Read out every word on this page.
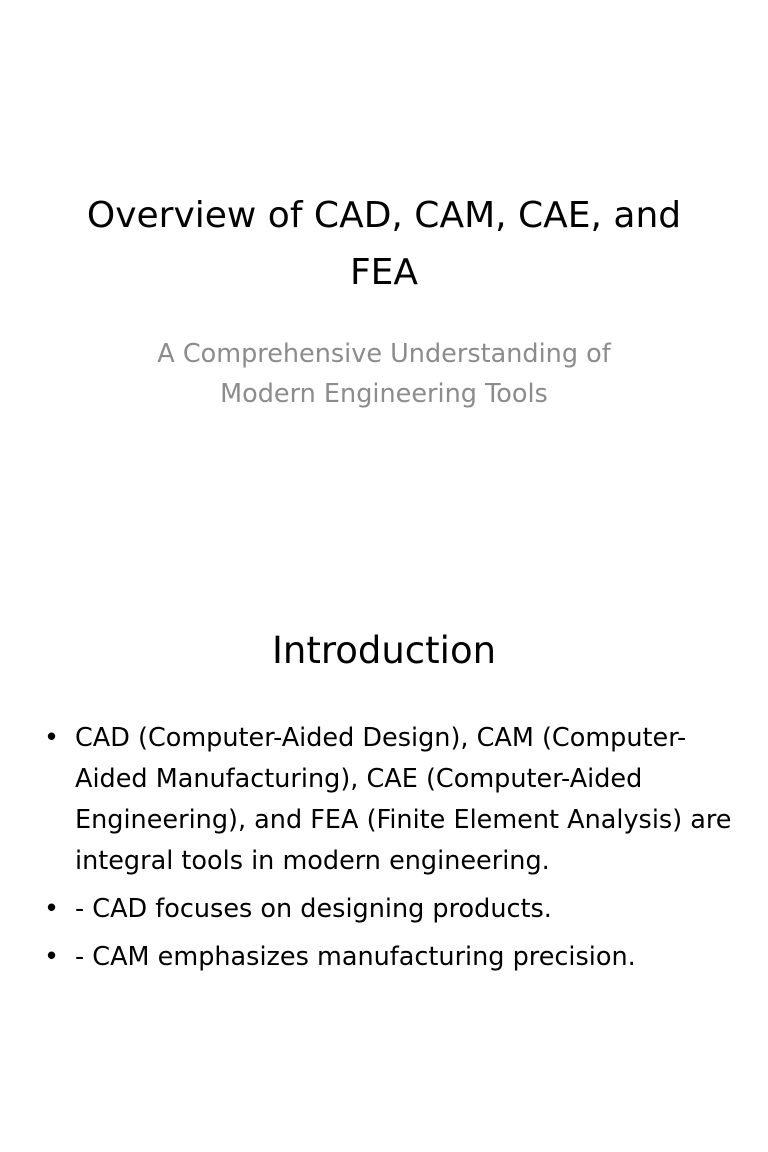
Overview of CAD, CAM, CAE, and FEA
A Comprehensive Understanding of Modern Engineering Tools
Introduction
• CAD (Computer-Aided Design), CAM (Computer-Aided Manufacturing), CAE (Computer-Aided Engineering), and FEA (Finite Element Analysis) are integral tools in modern engineering.
• - CAD focuses on designing products.
• - CAM emphasizes manufacturing precision.
